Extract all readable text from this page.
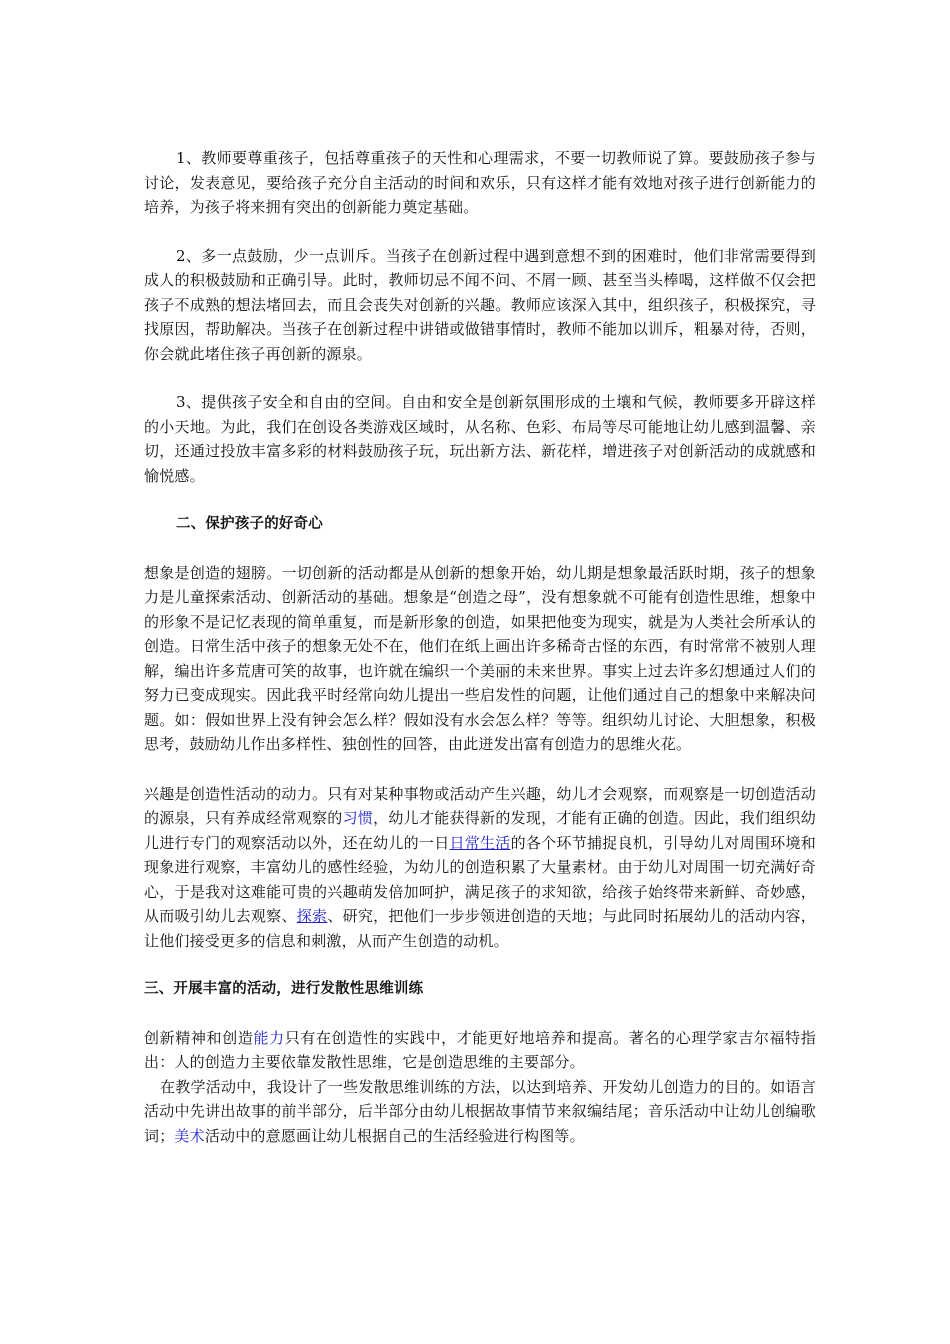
1、教师要尊重孩子，包括尊重孩子的天性和心理需求，不要一切教师说了算。要鼓励孩子参与讨论，发表意见，要给孩子充分自主活动的时间和欢乐，只有这样才能有效地对孩子进行创新能力的培养，为孩子将来拥有突出的创新能力奠定基础。

2、多一点鼓励，少一点训斥。当孩子在创新过程中遇到意想不到的困难时，他们非常需要得到成人的积极鼓励和正确引导。此时，教师切忌不闻不问、不屑一顾、甚至当头棒喝，这样做不仅会把孩子不成熟的想法堵回去，而且会丧失对创新的兴趣。教师应该深入其中，组织孩子，积极探究，寻找原因，帮助解决。当孩子在创新过程中讲错或做错事情时，教师不能加以训斥，粗暴对待，否则，你会就此堵住孩子再创新的源泉。

3、提供孩子安全和自由的空间。自由和安全是创新氛围形成的土壤和气候，教师要多开辟这样的小天地。为此，我们在创设各类游戏区域时，从名称、色彩、布局等尽可能地让幼儿感到温馨、亲切，还通过投放丰富多彩的材料鼓励孩子玩，玩出新方法、新花样，增进孩子对创新活动的成就感和愉悦感。

二、保护孩子的好奇心

想象是创造的翅膀。一切创新的活动都是从创新的想象开始，幼儿期是想象最活跃时期，孩子的想象力是儿童探索活动、创新活动的基础。想象是“创造之母”，没有想象就不可能有创造性思维，想象中的形象不是记忆表现的简单重复，而是新形象的创造，如果把他变为现实，就是为人类社会所承认的创造。日常生活中孩子的想象无处不在，他们在纸上画出许多稀奇古怪的东西，有时常常不被别人理解，编出许多荒唐可笑的故事，也许就在编织一个美丽的未来世界。事实上过去许多幻想通过人们的努力已变成现实。因此我平时经常向幼儿提出一些启发性的问题，让他们通过自己的想象中来解决问题。如：假如世界上没有钟会怎么样？假如没有水会怎么样？等等。组织幼儿讨论、大胆想象，积极思考，鼓励幼儿作出多样性、独创性的回答，由此迸发出富有创造力的思维火花。

兴趣是创造性活动的动力。只有对某种事物或活动产生兴趣，幼儿才会观察，而观察是一切创造活动的源泉，只有养成经常观察的习惯，幼儿才能获得新的发现，才能有正确的创造。因此，我们组织幼儿进行专门的观察活动以外，还在幼儿的一日日常生活的各个环节捕捉良机，引导幼儿对周围环境和现象进行观察，丰富幼儿的感性经验，为幼儿的创造积累了大量素材。由于幼儿对周围一切充满好奇心，于是我对这难能可贵的兴趣萌发倍加呵护，满足孩子的求知欲，给孩子始终带来新鲜、奇妙感，从而吸引幼儿去观察、探索、研究，把他们一步步领进创造的天地；与此同时拓展幼儿的活动内容，让他们接受更多的信息和刺激，从而产生创造的动机。

三、开展丰富的活动，进行发散性思维训练

创新精神和创造能力只有在创造性的实践中，才能更好地培养和提高。著名的心理学家吉尔福特指出：人的创造力主要依靠发散性思维，它是创造思维的主要部分。

在教学活动中，我设计了一些发散思维训练的方法，以达到培养、开发幼儿创造力的目的。如语言活动中先讲出故事的前半部分，后半部分由幼儿根据故事情节来叙编结尾；音乐活动中让幼儿创编歌词；美术活动中的意愿画让幼儿根据自己的生活经验进行构图等。
